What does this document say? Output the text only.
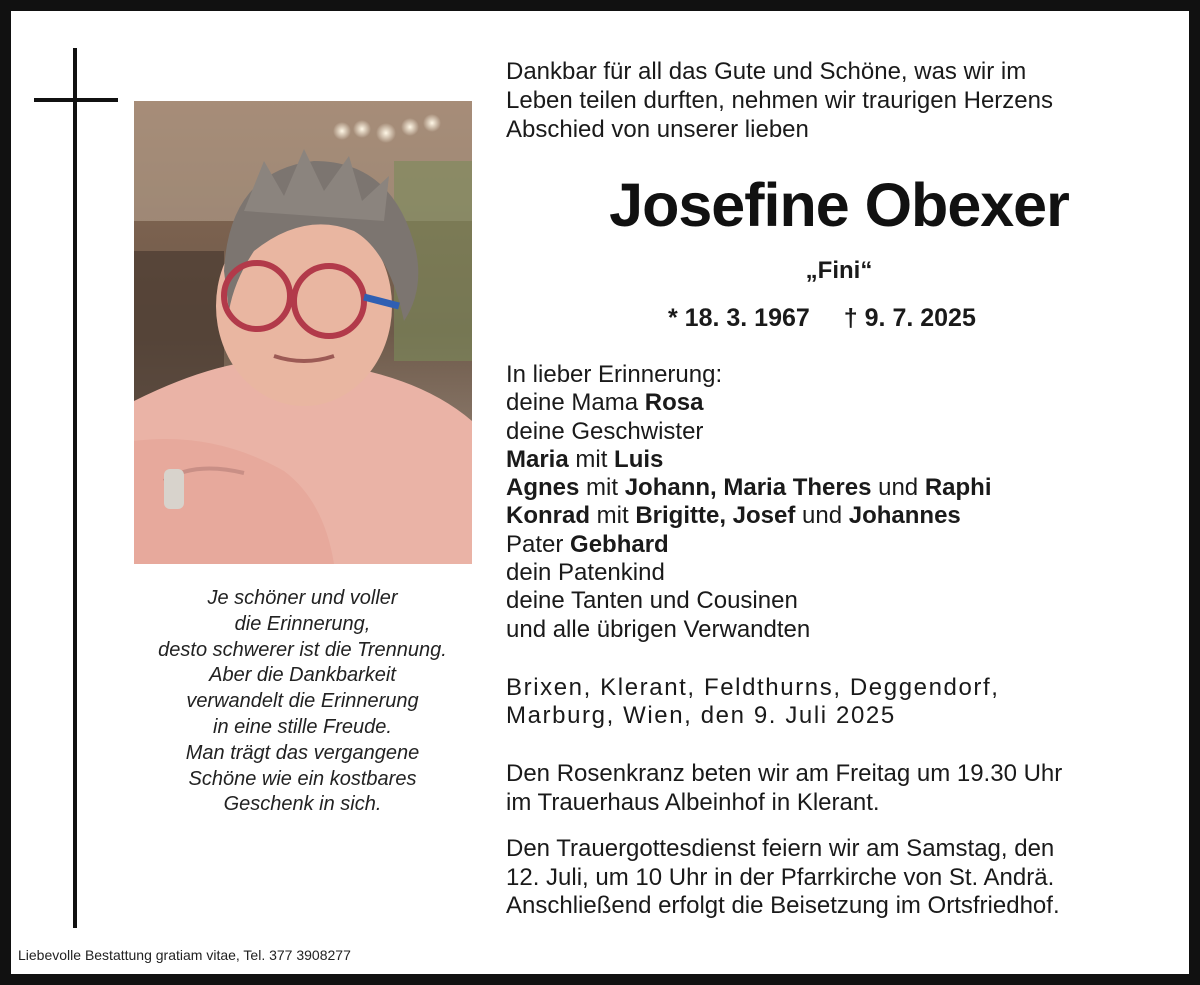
Je schöner und voller
die Erinnerung,
desto schwerer ist die Trennung.
Aber die Dankbarkeit
verwandelt die Erinnerung
in eine stille Freude.
Man trägt das vergangene
Schöne wie ein kostbares
Geschenk in sich.
Dankbar für all das Gute und Schöne, was wir im
Leben teilen durften, nehmen wir traurigen Herzens
Abschied von unserer lieben
Josefine Obexer
„Fini“
* 18. 3. 1967 † 9. 7. 2025
In lieber Erinnerung:
deine Mama Rosa
deine Geschwister
Maria mit Luis
Agnes mit Johann, Maria Theres und Raphi
Konrad mit Brigitte, Josef und Johannes
Pater Gebhard
dein Patenkind
deine Tanten und Cousinen
und alle übrigen Verwandten
Brixen, Klerant, Feldthurns, Deggendorf,
Marburg, Wien, den 9. Juli 2025
Den Rosenkranz beten wir am Freitag um 19.30 Uhr
im Trauerhaus Albeinhof in Klerant.
Den Trauergottesdienst feiern wir am Samstag, den
12. Juli, um 10 Uhr in der Pfarrkirche von St. Andrä.
Anschließend erfolgt die Beisetzung im Ortsfriedhof.
Liebevolle Bestattung gratiam vitae, Tel. 377 3908277
